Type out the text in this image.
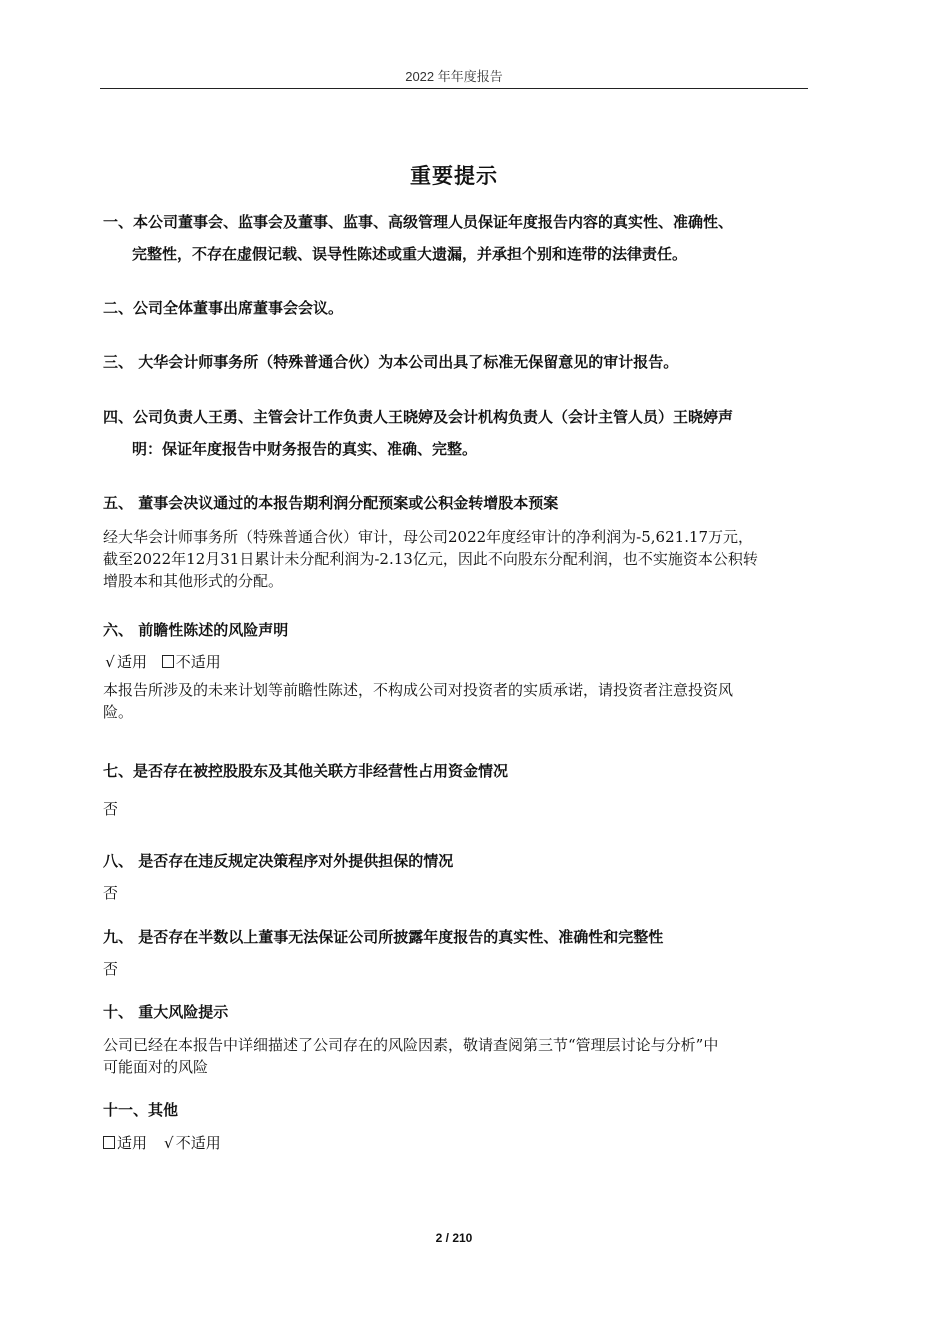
2022 年年度报告
重要提示
一、本公司董事会、监事会及董事、监事、高级管理人员保证年度报告内容的真实性、准确性、
完整性，不存在虚假记载、误导性陈述或重大遗漏，并承担个别和连带的法律责任。
二、公司全体董事出席董事会会议。
三、 大华会计师事务所（特殊普通合伙）为本公司出具了标准无保留意见的审计报告。
四、公司负责人王勇、主管会计工作负责人王晓婷及会计机构负责人（会计主管人员）王晓婷声
明：保证年度报告中财务报告的真实、准确、完整。
五、 董事会决议通过的本报告期利润分配预案或公积金转增股本预案
经大华会计师事务所（特殊普通合伙）审计，母公司2022年度经审计的净利润为-5,621.17万元，
截至2022年12月31日累计未分配利润为-2.13亿元，因此不向股东分配利润，也不实施资本公积转
增股本和其他形式的分配。
六、 前瞻性陈述的风险声明
√ 适用 不适用
本报告所涉及的未来计划等前瞻性陈述，不构成公司对投资者的实质承诺，请投资者注意投资风
险。
七、是否存在被控股股东及其他关联方非经营性占用资金情况
否
八、 是否存在违反规定决策程序对外提供担保的情况
否
九、 是否存在半数以上董事无法保证公司所披露年度报告的真实性、准确性和完整性
否
十、 重大风险提示
公司已经在本报告中详细描述了公司存在的风险因素，敬请查阅第三节“管理层讨论与分析”中
可能面对的风险
十一、其他
适用 √ 不适用
2 / 210
